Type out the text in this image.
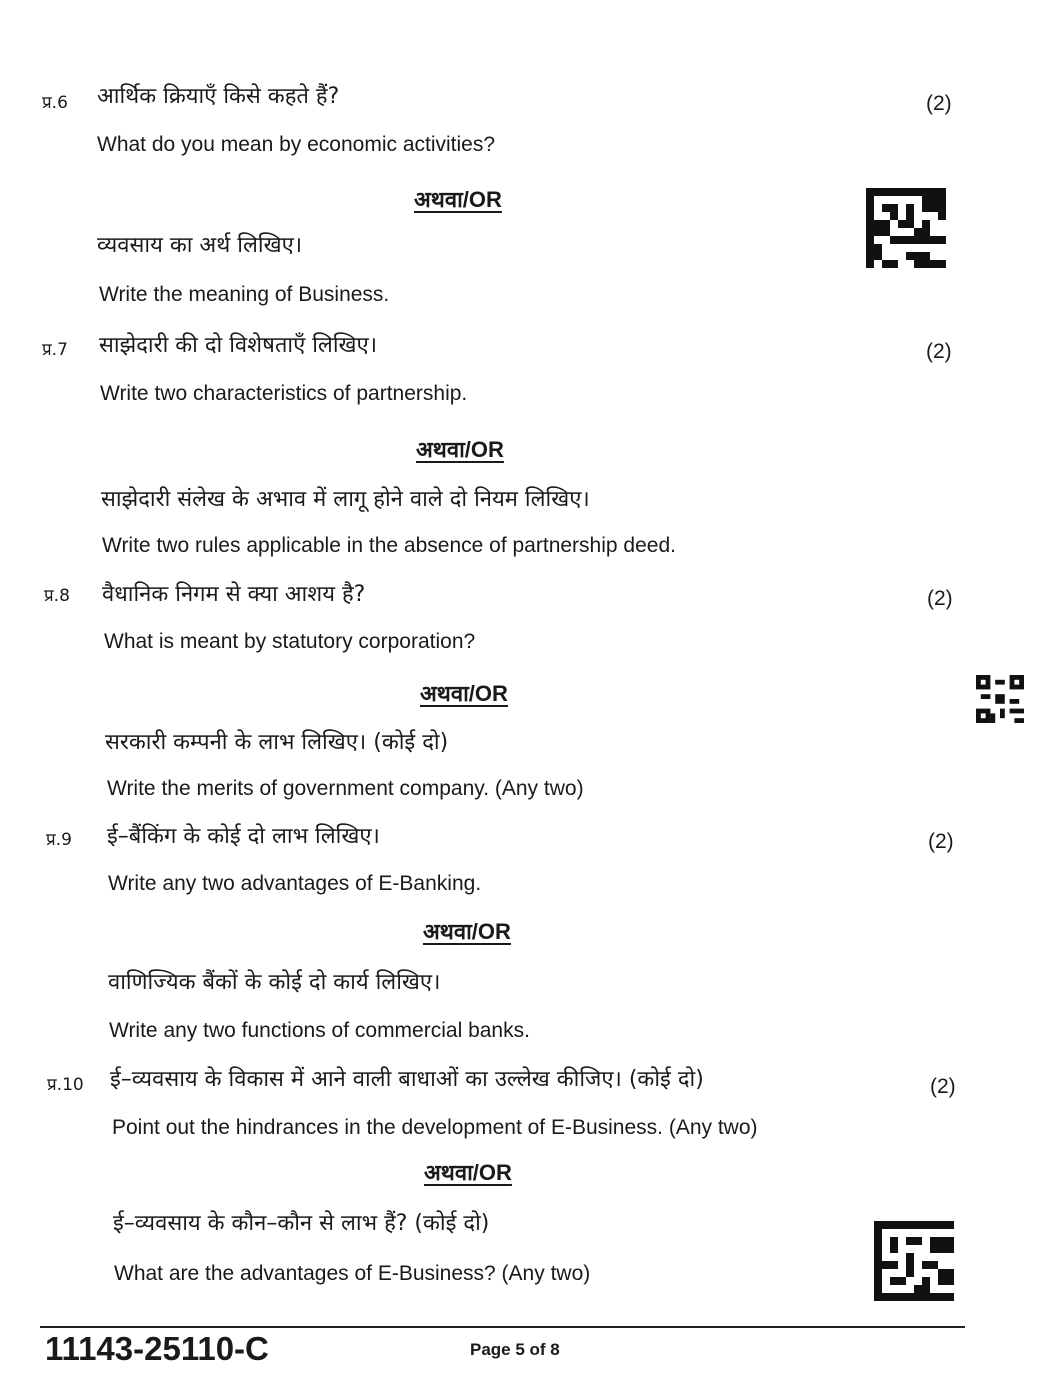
प्र.6 आर्थिक क्रियाएँ किसे कहते हैं?	(2)
What do you mean by economic activities?
अथवा/OR
व्यवसाय का अर्थ लिखिए।
Write the meaning of Business.
प्र.7 साझेदारी की दो विशेषताएँ लिखिए।	(2)
Write two characteristics of partnership.
अथवा/OR
साझेदारी संलेख के अभाव में लागू होने वाले दो नियम लिखिए।
Write two rules applicable in the absence of partnership deed.
प्र.8 वैधानिक निगम से क्या आशय है?	(2)
What is meant by statutory corporation?
अथवा/OR
सरकारी कम्पनी के लाभ लिखिए। (कोई दो)
Write the merits of government company. (Any two)
प्र.9 ई–बैंकिंग के कोई दो लाभ लिखिए।	(2)
Write any two advantages of E-Banking.
अथवा/OR
वाणिज्यिक बैंकों के कोई दो कार्य लिखिए।
Write any two functions of commercial banks.
प्र.10 ई–व्यवसाय के विकास में आने वाली बाधाओं का उल्लेख कीजिए। (कोई दो)	(2)
Point out the hindrances in the development of E-Business. (Any two)
अथवा/OR
ई–व्यवसाय के कौन–कौन से लाभ हैं? (कोई दो)
What are the advantages of E-Business? (Any two)
11143-25110-C	Page 5 of 8
